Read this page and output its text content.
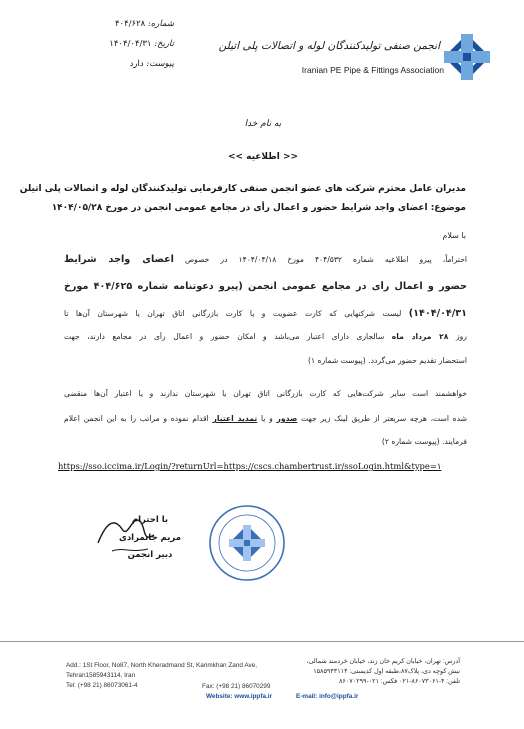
شماره: ۴۰۴/۶۲۸
تاریخ: ۱۴۰۴/۰۴/۳۱
پیوست: دارد
انجمن صنفی تولیدکنندگان لوله و اتصالات پلی اتیلن
Iranian PE Pipe & Fittings Association
به نام خدا
<< اطلاعیه >>
مدیران عامل محترم شرکت های عضو انجمن صنفی کارفرمایی تولیدکنندگان لوله و اتصالات پلی اتیلن
موضوع: اعضای واجد شرایط حضور و اعمال رأی در مجامع عمومی انجمن در مورخ ۱۴۰۴/۰۵/۲۸
با سلام
احتراماً، پیرو اطلاعیه شماره ۴۰۴/۵۳۲ مورخ ۱۴۰۴/۰۴/۱۸ در خصوص اعضای واجد شرایط
حضور و اعمال رأی در مجامع عمومی انجمن (پیرو دعوتنامه شماره ۴۰۴/۶۲۵ مورخ
۱۴۰۴/۰۴/۳۱) لیست شرکتهایی که کارت عضویت و یا کارت بازرگانی اتاق تهران یا شهرستان آن‌ها تا
روز ۲۸ مرداد ماه سالجاری دارای اعتبار می‌باشد و امکان حضور و اعمال رأی در مجامع دارند، جهت
استحضار تقدیم حضور می‌گردد. (پیوست شماره ۱)
خواهشمند است سایر شرکت‌هایی که کارت بازرگانی اتاق تهران یا شهرستان ندارند و یا اعتبار آن‌ها منقضی
شده است، هرچه سریعتر از طریق لینک زیر جهت صدور و یا تمدید اعتبار اقدام نموده و مراتب را به این انجمن اعلام
فرمایند. (پیوست شماره ۲)
https://sso.iccima.ir/Login/?returnUrl=https://cscs.chambertrust.ir/ssoLogin.html&type=۱
با احترام
مریم جانمرادی
دبیر انجمن
Add.: 1St Floor, No87, North Kheradmand St, Karimkhan Zand Ave, Tehran1585943114, Iran
Tel: (+98 21) 86073061-4	Fax: (+98 21) 86070299
Website: www.ippfa.ir
آدرس: تهران، خیابان کریم خان زند، خیابان خردمند شمالی،
نبش کوچه دی، پلاک۸۷،طبقه اول کدپستی: ۱۵۸۵۹۴۳۱۱۴
تلفن: ۴-۸۶۰۷۳۰۶۱-۰۲۱ فکس: ۰۲۱-۸۶۰۷۰۲۹۹
E-mail: info@ippfa.ir
